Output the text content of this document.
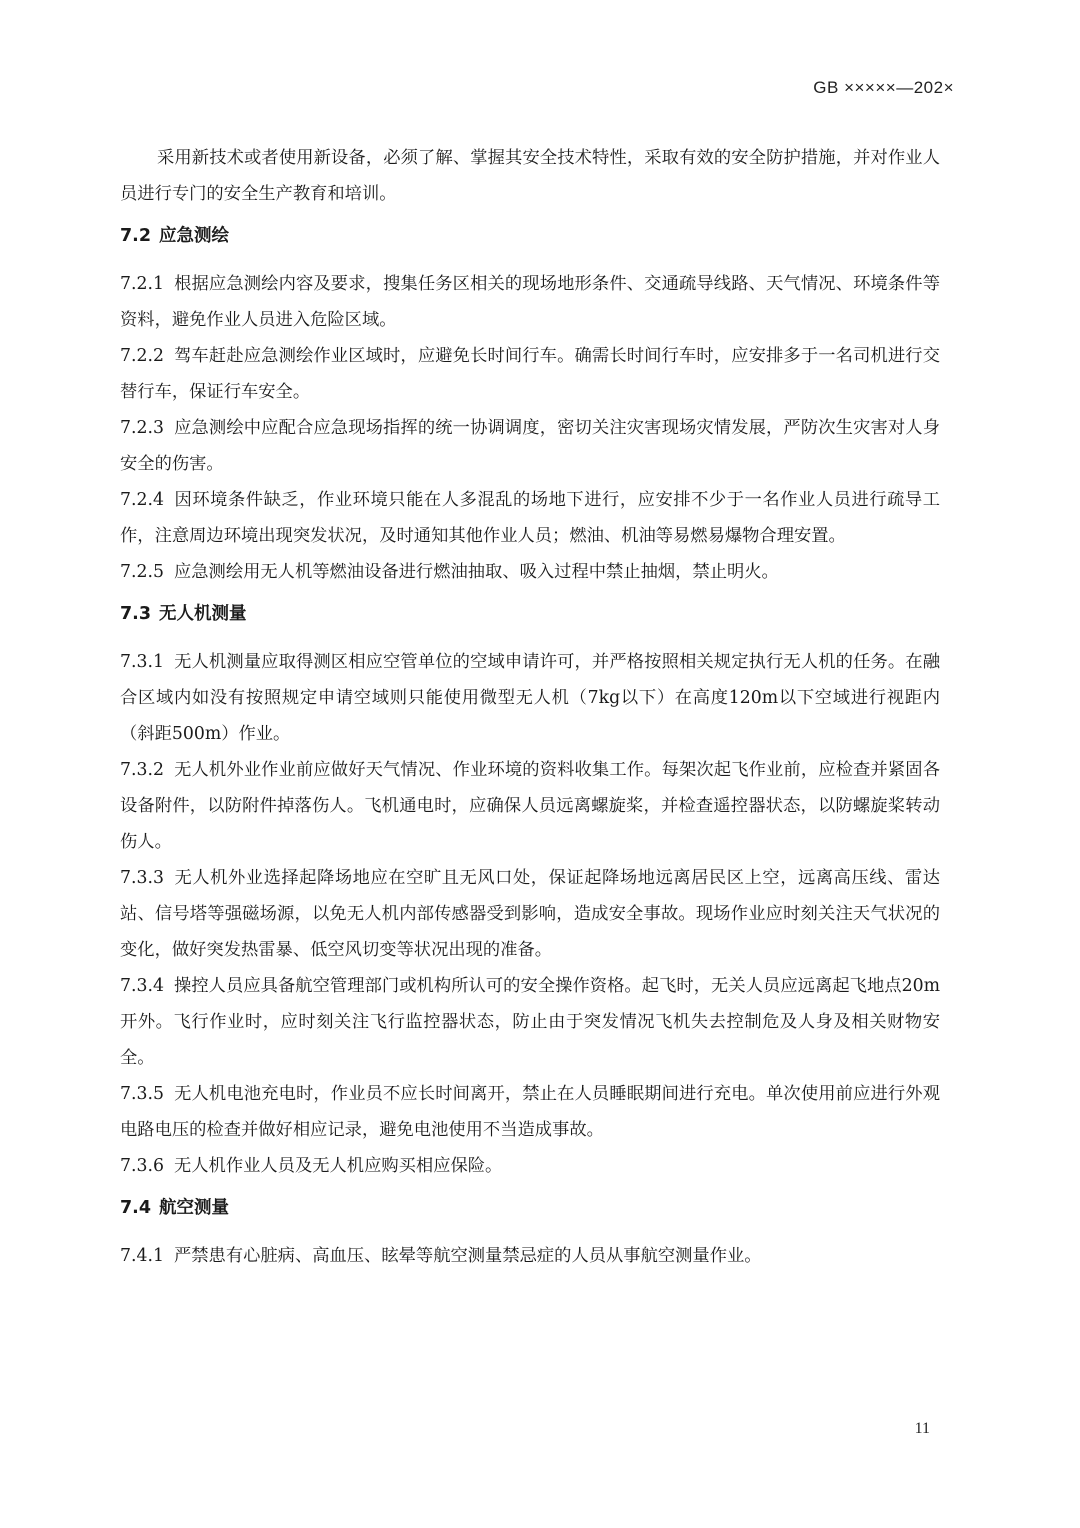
GB ×××××—202×

采用新技术或者使用新设备，必须了解、掌握其安全技术特性，采取有效的安全防护措施，并对作业人员进行专门的安全生产教育和培训。

7.2 应急测绘

7.2.1 根据应急测绘内容及要求，搜集任务区相关的现场地形条件、交通疏导线路、天气情况、环境条件等资料，避免作业人员进入危险区域。

7.2.2 驾车赶赴应急测绘作业区域时，应避免长时间行车。确需长时间行车时，应安排多于一名司机进行交替行车，保证行车安全。

7.2.3 应急测绘中应配合应急现场指挥的统一协调调度，密切关注灾害现场灾情发展，严防次生灾害对人身安全的伤害。

7.2.4 因环境条件缺乏，作业环境只能在人多混乱的场地下进行，应安排不少于一名作业人员进行疏导工作，注意周边环境出现突发状况，及时通知其他作业人员；燃油、机油等易燃易爆物合理安置。

7.2.5 应急测绘用无人机等燃油设备进行燃油抽取、吸入过程中禁止抽烟，禁止明火。

7.3 无人机测量

7.3.1 无人机测量应取得测区相应空管单位的空域申请许可，并严格按照相关规定执行无人机的任务。在融合区域内如没有按照规定申请空域则只能使用微型无人机（7kg以下）在高度120m以下空域进行视距内（斜距500m）作业。

7.3.2 无人机外业作业前应做好天气情况、作业环境的资料收集工作。每架次起飞作业前，应检查并紧固各设备附件，以防附件掉落伤人。飞机通电时，应确保人员远离螺旋桨，并检查遥控器状态，以防螺旋桨转动伤人。

7.3.3 无人机外业选择起降场地应在空旷且无风口处，保证起降场地远离居民区上空，远离高压线、雷达站、信号塔等强磁场源，以免无人机内部传感器受到影响，造成安全事故。现场作业应时刻关注天气状况的变化，做好突发热雷暴、低空风切变等状况出现的准备。

7.3.4 操控人员应具备航空管理部门或机构所认可的安全操作资格。起飞时，无关人员应远离起飞地点20m开外。飞行作业时，应时刻关注飞行监控器状态，防止由于突发情况飞机失去控制危及人身及相关财物安全。

7.3.5 无人机电池充电时，作业员不应长时间离开，禁止在人员睡眠期间进行充电。单次使用前应进行外观电路电压的检查并做好相应记录，避免电池使用不当造成事故。

7.3.6 无人机作业人员及无人机应购买相应保险。

7.4 航空测量

7.4.1 严禁患有心脏病、高血压、眩晕等航空测量禁忌症的人员从事航空测量作业。

11
